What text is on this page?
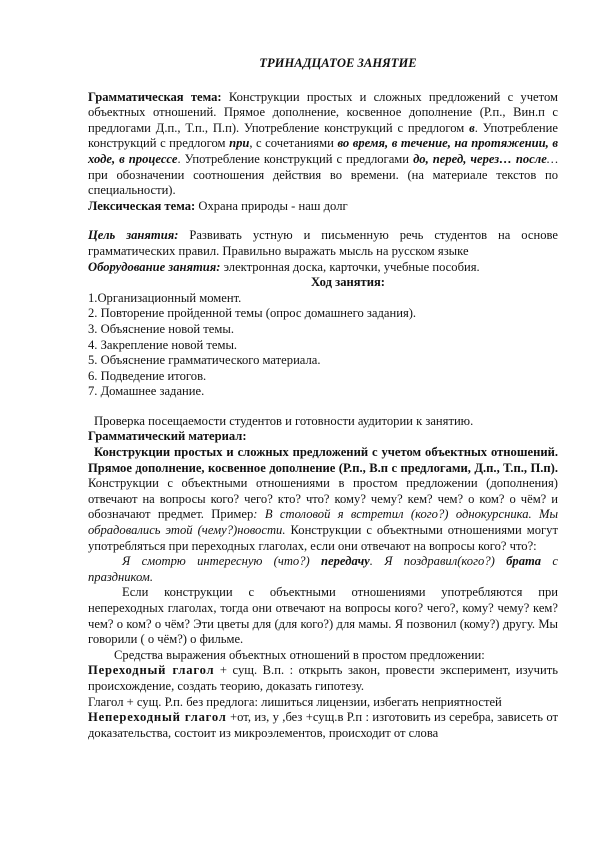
ТРИНАДЦАТОЕ ЗАНЯТИЕ
Грамматическая тема: Конструкции простых и сложных предложений с учетом объектных отношений. Прямое дополнение, косвенное дополнение (Р.п., Вин.п с предлогами Д.п., Т.п., П.п). Употребление конструкций с предлогом в. Употребление конструкций с предлогом при, с сочетаниями во время, в течение, на протяжении, в ходе, в процессе. Употребление конструкций с предлогами до, перед, через… после… при обозначении соотношения действия во времени. (на материале текстов по специальности).
Лексическая тема: Охрана природы - наш долг
Цель занятия: Развивать устную и письменную речь студентов на основе грамматических правил. Правильно выражать мысль на русском языке
Оборудование занятия: электронная доска, карточки, учебные пособия.
Ход занятия:
1.Организационный момент.
2. Повторение пройденной темы (опрос домашнего задания).
3. Объяснение новой темы.
4. Закрепление новой темы.
5. Объяснение грамматического материала.
6. Подведение итогов.
7. Домашнее задание.
Проверка посещаемости студентов и готовности аудитории к занятию.
Грамматический материал:
Конструкции простых и сложных предложений с учетом объектных отношений. Прямое дополнение, косвенное дополнение (Р.п., В.п с предлогами, Д.п., Т.п., П.п). Конструкции с объектными отношениями в простом предложении (дополнения) отвечают на вопросы кого? чего? кто? что? кому? чему? кем? чем? о ком? о чём? и обозначают предмет. Пример: В столовой я встретил (кого?) однокурсника. Мы обрадовались этой (чему?)новости. Конструкции с объектными отношениями могут употребляться при переходных глаголах, если они отвечают на вопросы кого? что?:
Я смотрю интересную (что?) передачу. Я поздравил(кого?) брата с праздником.
Если конструкции с объектными отношениями употребляются при непереходных глаголах, тогда они отвечают на вопросы кого? чего?, кому? чему? кем? чем? о ком? о чём? Эти цветы для (для кого?) для мамы. Я позвонил (кому?) другу. Мы говорили ( о чём?) о фильме.
Средства выражения объектных отношений в простом предложении:
Переходный глагол + сущ. В.п. : открыть закон, провести эксперимент, изучить происхождение, создать теорию, доказать гипотезу.
Глагол + сущ. Р.п. без предлога: лишиться лицензии, избегать неприятностей
Непереходный глагол +от, из, у ,без +сущ.в Р.п : изготовить из серебра, зависеть от доказательства, состоит из микроэлементов, происходит от слова
